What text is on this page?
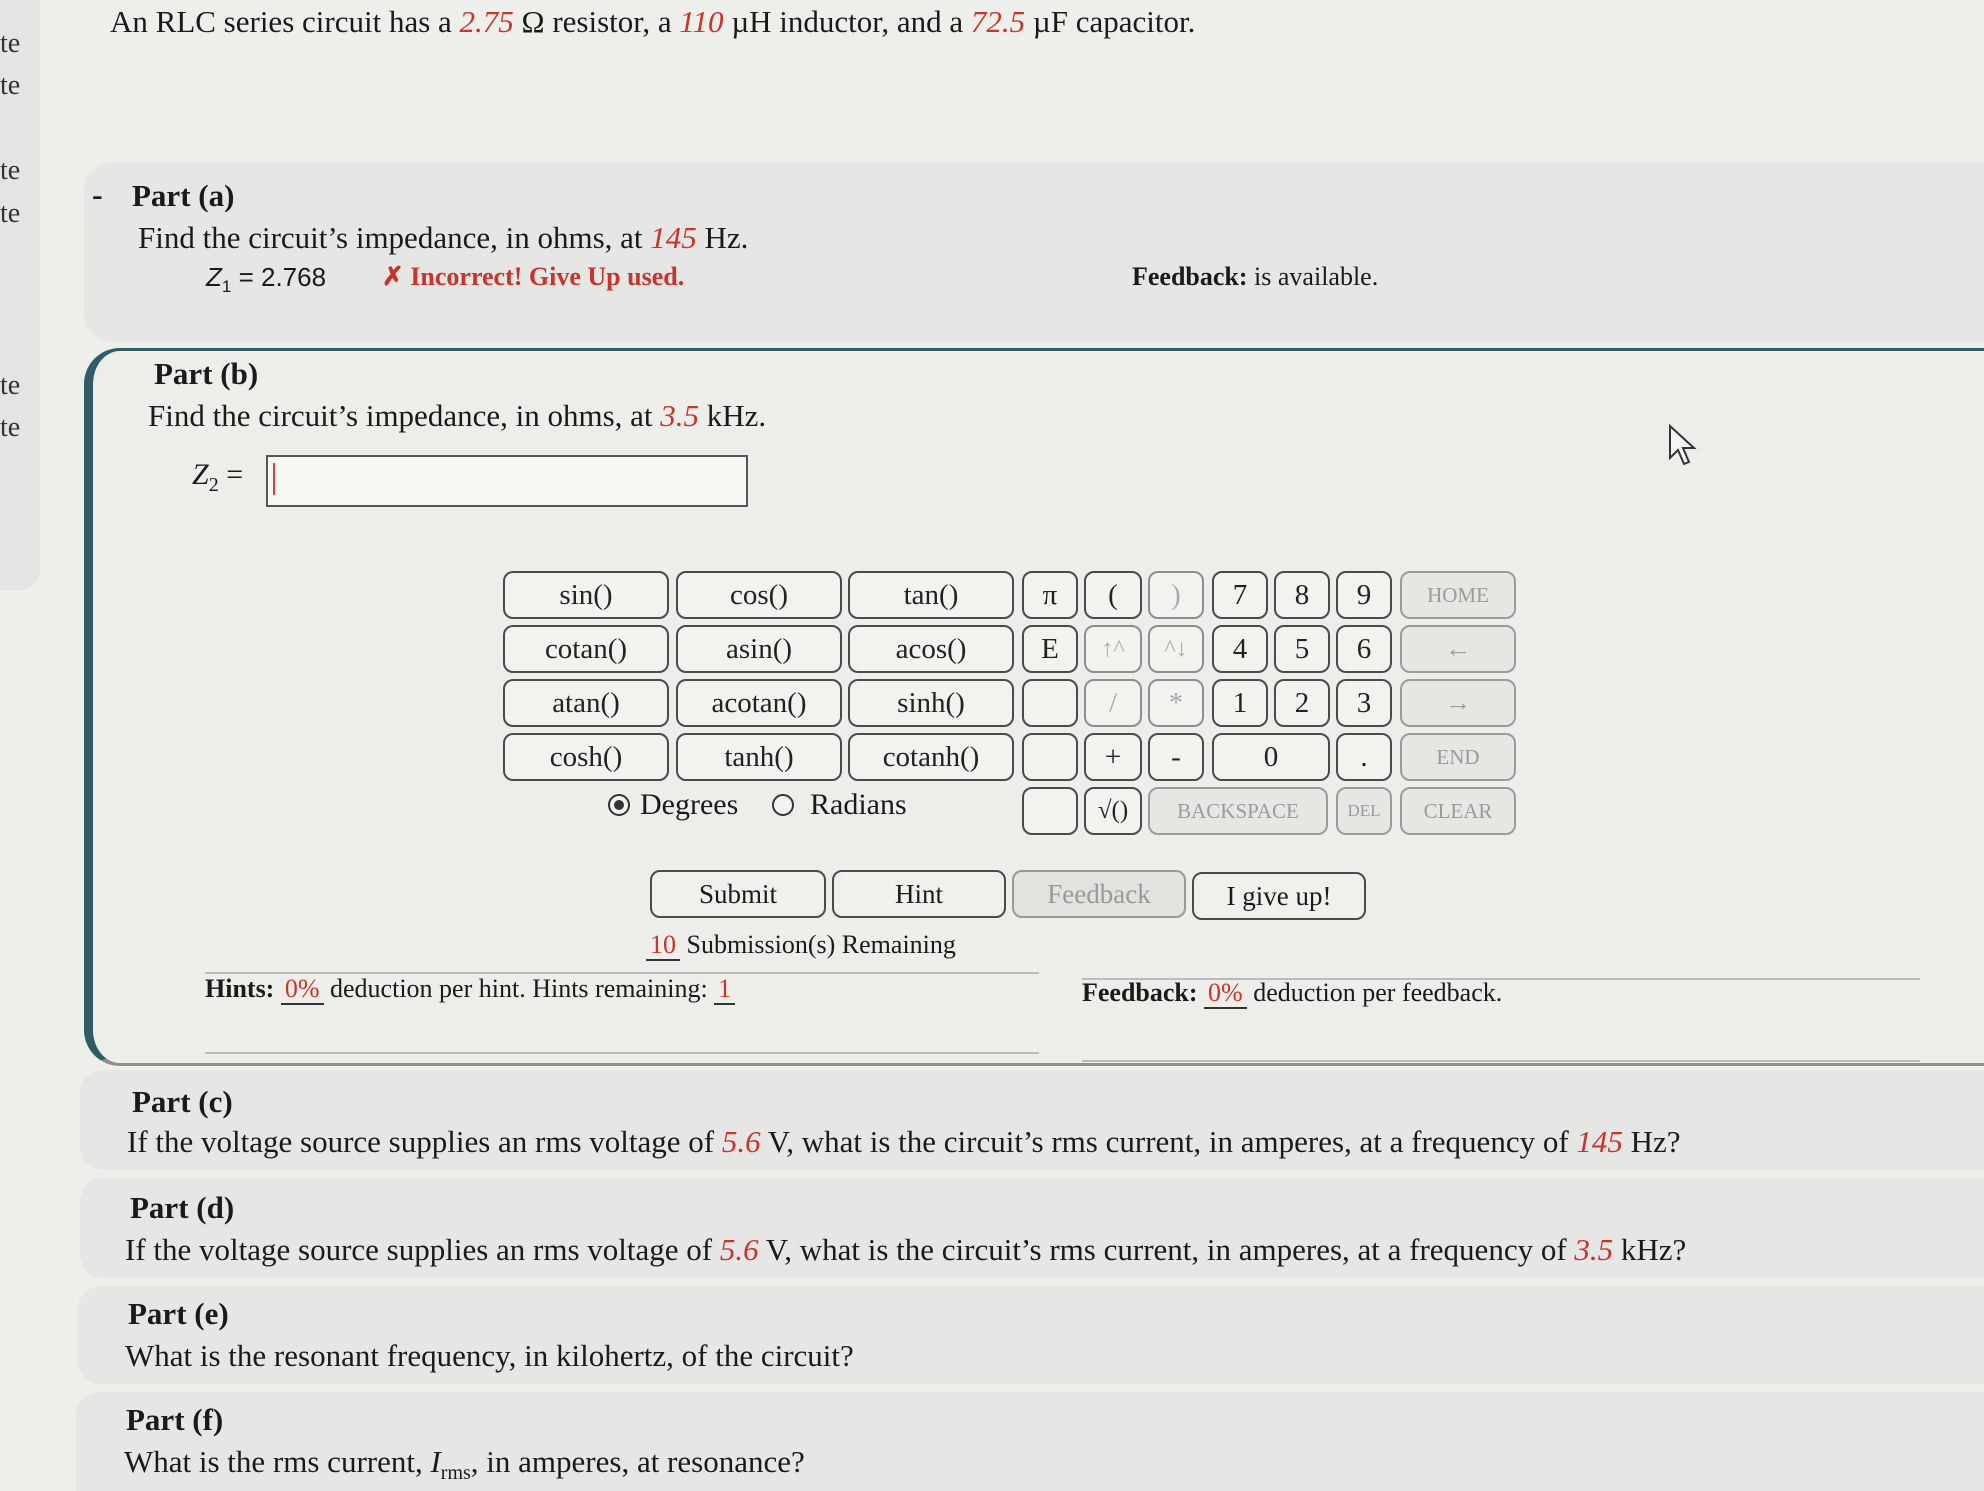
te
te
te
te
te
te
An RLC series circuit has a 2.75 Ω resistor, a 110 µH inductor, and a 72.5 µF capacitor.
- Part (a)
Find the circuit’s impedance, in ohms, at 145 Hz.
$Z_1 = 2.768$ ✗ Incorrect! Give Up used.	Feedback: is available.
Part (b)
Find the circuit’s impedance, in ohms, at 3.5 kHz.
$Z_2$ =
sin()	cos()	tan()
cotan()	asin()	acos()
atan()	acotan()	sinh()
cosh()	tanh()	cotanh()
π	(	)
E	↑^	^↓
/	*
+	-
√()
7	8	9
4	5	6
1	2	3
0	.
HOME
←
→
END
BACKSPACE	DEL	CLEAR
Degrees Radians
Submit	Hint	Feedback	I give up!
10 Submission(s) Remaining
Hints: 0% deduction per hint. Hints remaining: 1	Feedback: 0% deduction per feedback.
Part (c)
If the voltage source supplies an rms voltage of 5.6 V, what is the circuit’s rms current, in amperes, at a frequency of 145 Hz?
Part (d)
If the voltage source supplies an rms voltage of 5.6 V, what is the circuit’s rms current, in amperes, at a frequency of 3.5 kHz?
Part (e)
What is the resonant frequency, in kilohertz, of the circuit?
Part (f)
What is the rms current, $I_{rms}$, in amperes, at resonance?
